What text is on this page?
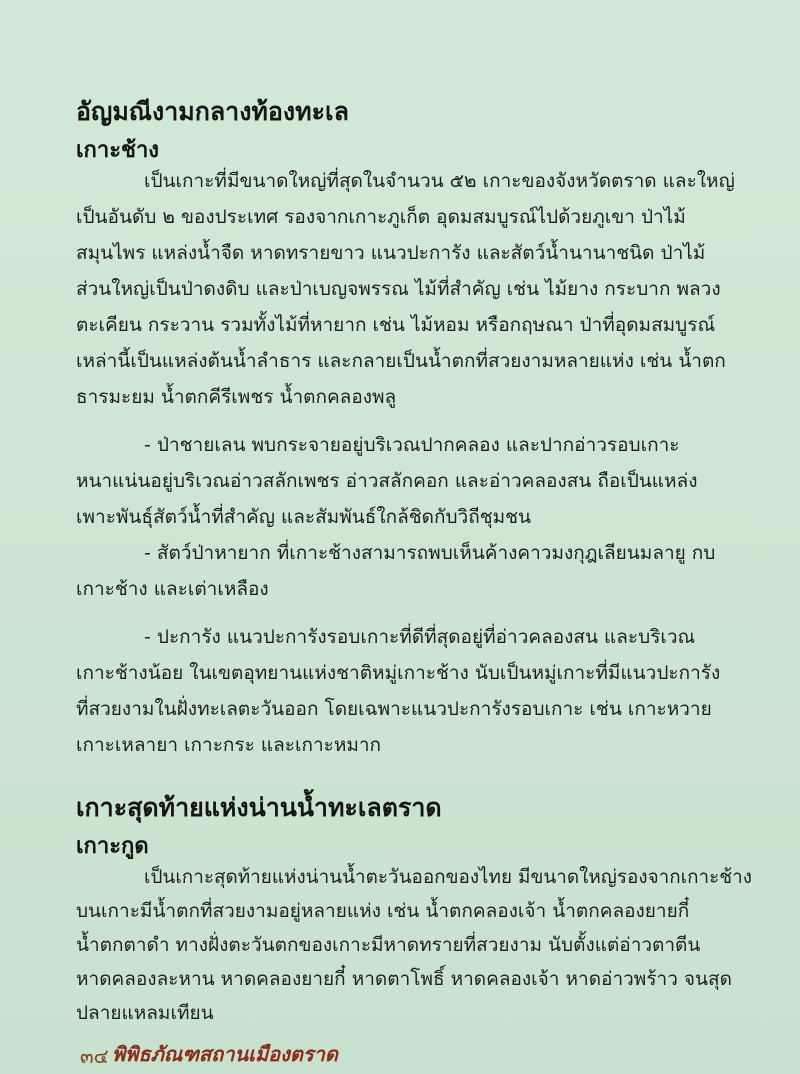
อัญมณีงามกลางท้องทะเล
เกาะช้าง
เป็นเกาะที่มีขนาดใหญ่ที่สุดในจำนวน ๕๒ เกาะของจังหวัดตราด และใหญ่
เป็นอันดับ ๒ ของประเทศ รองจากเกาะภูเก็ต อุดมสมบูรณ์ไปด้วยภูเขา ป่าไม้
สมุนไพร แหล่งน้ำจืด หาดทรายขาว แนวปะการัง และสัตว์น้ำนานาชนิด ป่าไม้
ส่วนใหญ่เป็นป่าดงดิบ และป่าเบญจพรรณ ไม้ที่สำคัญ เช่น ไม้ยาง กระบาก พลวง
ตะเคียน กระวาน รวมทั้งไม้ที่หายาก เช่น ไม้หอม หรือกฤษณา ป่าที่อุดมสมบูรณ์
เหล่านี้เป็นแหล่งต้นน้ำลำธาร และกลายเป็นน้ำตกที่สวยงามหลายแห่ง เช่น น้ำตก
ธารมะยม น้ำตกคีรีเพชร น้ำตกคลองพลู
- ป่าชายเลน พบกระจายอยู่บริเวณปากคลอง และปากอ่าวรอบเกาะ
หนาแน่นอยู่บริเวณอ่าวสลักเพชร อ่าวสลักคอก และอ่าวคลองสน ถือเป็นแหล่ง
เพาะพันธุ์สัตว์น้ำที่สำคัญ และสัมพันธ์ใกล้ชิดกับวิถีชุมชน
- สัตว์ป่าหายาก ที่เกาะช้างสามารถพบเห็นค้างคาวมงกุฎเลียนมลายู กบ
เกาะช้าง และเต่าเหลือง
- ปะการัง แนวปะการังรอบเกาะที่ดีที่สุดอยู่ที่อ่าวคลองสน และบริเวณ
เกาะช้างน้อย ในเขตอุทยานแห่งชาติหมู่เกาะช้าง นับเป็นหมู่เกาะที่มีแนวปะการัง
ที่สวยงามในฝั่งทะเลตะวันออก โดยเฉพาะแนวปะการังรอบเกาะ เช่น เกาะหวาย
เกาะเหลายา เกาะกระ และเกาะหมาก
เกาะสุดท้ายแห่งน่านน้ำทะเลตราด
เกาะกูด
เป็นเกาะสุดท้ายแห่งน่านน้ำตะวันออกของไทย มีขนาดใหญ่รองจากเกาะช้าง
บนเกาะมีน้ำตกที่สวยงามอยู่หลายแห่ง เช่น น้ำตกคลองเจ้า น้ำตกคลองยายกี๋
น้ำตกตาดำ ทางฝั่งตะวันตกของเกาะมีหาดทรายที่สวยงาม นับตั้งแต่อ่าวตาตีน
หาดคลองละหาน หาดคลองยายกี๋ หาดตาโพธิ์ หาดคลองเจ้า หาดอ่าวพร้าว จนสุด
ปลายแหลมเทียน
๓๔ พิพิธภัณฑสถานเมืองตราด
